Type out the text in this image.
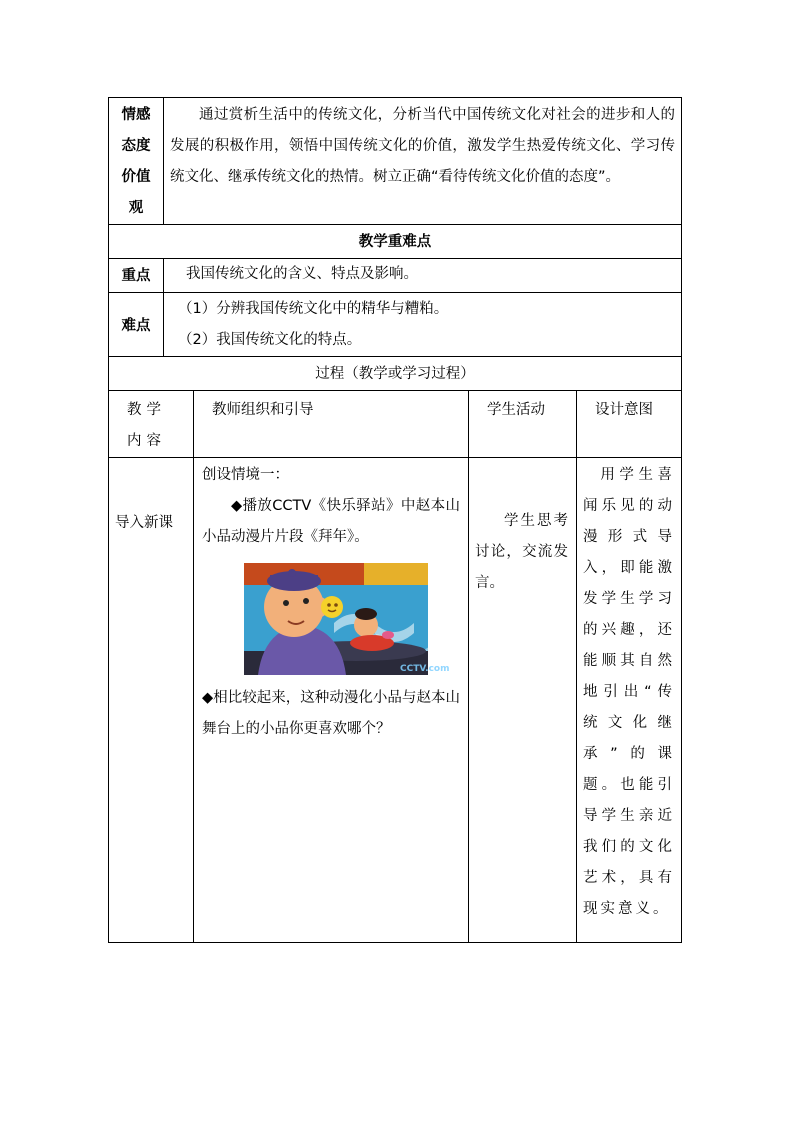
情感
态度
价值
观	通过赏析生活中的传统文化，分析当代中国传统文化对社会的进步和人的发展的积极作用，领悟中国传统文化的价值，激发学生热爱传统文化、学习传统文化、继承传统文化的热情。树立正确“看待传统文化价值的态度”。			
教学重难点				
重点	我国传统文化的含义、特点及影响。			
难点	（1）分辨我国传统文化中的精华与糟粕。
（2）我国传统文化的特点。			

过程（教学或学习过程）				
教学内容		教师组织和引导	学生活动	设计意图
导入新课		创设情境一：
◆播放CCTV《快乐驿站》中赵本山小品动漫片片段《拜年》。
CCTV.com
◆相比较起来，这种动漫化小品与赵本山舞台上的小品你更喜欢哪个？	学生思考讨论，交流发言。	用学生喜闻乐见的动漫形式导入，即能激发学生学习的兴趣，还能顺其自然地引出“传统文化继承”的课题。也能引导学生亲近我们的文化艺术，具有现实意义。
